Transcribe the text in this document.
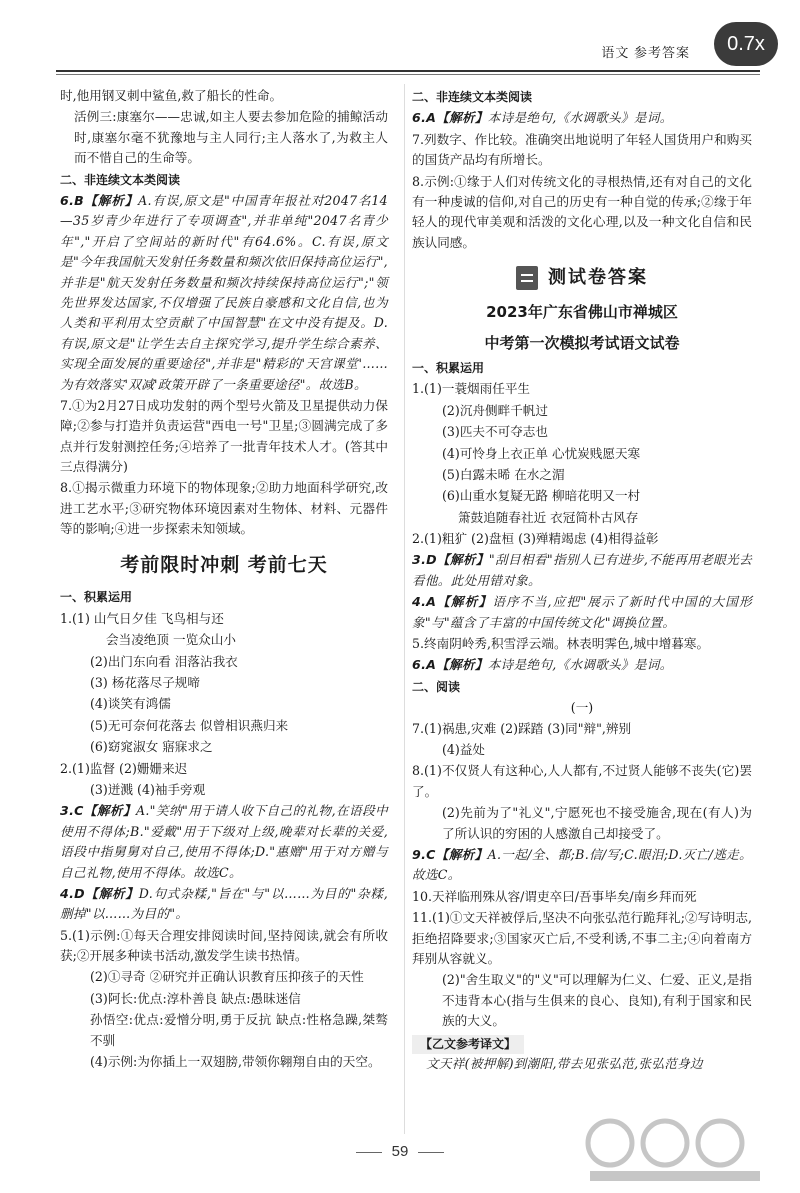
语文 参考答案	0.7x

时,他用钢叉刺中鲨鱼,救了船长的性命。

活例三:康塞尔——忠诚,如主人要去参加危险的捕鲸活动时,康塞尔毫不犹豫地与主人同行;主人落水了,为救主人而不惜自己的生命等。

二、非连续文本类阅读

6.B【解析】A.有误,原文是"中国青年报社对2047名14—35岁青少年进行了专项调查",并非单纯"2047名青少年","开启了空间站的新时代"有64.6%。C.有误,原文是"今年我国航天发射任务数量和频次依旧保持高位运行",并非是"航天发射任务数量和频次持续保持高位运行";"领先世界发达国家,不仅增强了民族自豪感和文化自信,也为人类和平利用太空贡献了中国智慧"在文中没有提及。D.有误,原文是"让学生去自主探究学习,提升学生综合素养、实现全面发展的重要途径",并非是"精彩的'天宫课堂'……为有效落实'双减'政策开辟了一条重要途径"。故选B。

7.①为2月27日成功发射的两个型号火箭及卫星提供动力保障;②参与打造并负责运营"西电一号"卫星;③圆满完成了多点并行发射测控任务;④培养了一批青年技术人才。(答其中三点得满分)

8.①揭示微重力环境下的物体现象;②助力地面科学研究,改进工艺水平;③研究物体环境因素对生物体、材料、元器件等的影响;④进一步探索未知领域。

考前限时冲刺 考前七天
一、积累运用

1.(1) 山气日夕佳 飞鸟相与还

会当凌绝顶 一览众山小

(2)出门东向看 泪落沾我衣

(3) 杨花落尽子规啼

(4)谈笑有鸿儒

(5)无可奈何花落去 似曾相识燕归来

(6)窈窕淑女 寤寐求之

2.(1)监督 (2)姗姗来迟

(3)迸溅 (4)袖手旁观

3.C【解析】A."笑纳"用于请人收下自己的礼物,在语段中使用不得体;B."爱戴"用于下级对上级,晚辈对长辈的关爱,语段中指舅舅对自己,使用不得体;D."惠赠"用于对方赠与自己礼物,使用不得体。故选C。

4.D【解析】D.句式杂糅,"旨在"与"以……为目的"杂糅,删掉"以……为目的"。

5.(1)示例:①每天合理安排阅读时间,坚持阅读,就会有所收获;②开展多种读书活动,激发学生读书热情。

(2)①寻奇 ②研究并正确认识教育压抑孩子的天性

(3)阿长:优点:淳朴善良 缺点:愚昧迷信

孙悟空:优点:爱憎分明,勇于反抗 缺点:性格急躁,桀骜不驯

(4)示例:为你插上一双翅膀,带领你翱翔自由的天空。

二、非连续文本类阅读

6.A【解析】本诗是绝句,《水调歌头》是词。

7.列数字、作比较。准确突出地说明了年轻人国货用户和购买的国货产品均有所增长。

8.示例:①缘于人们对传统文化的寻根热情,还有对自己的文化有一种虔诚的信仰,对自己的历史有一种自觉的传承;②缘于年轻人的现代审美观和活泼的文化心理,以及一种文化自信和民族认同感。

测试卷答案
2023年广东省佛山市禅城区
中考第一次模拟考试语文试卷
一、积累运用

1.(1)一蓑烟雨任平生

(2)沉舟侧畔千帆过

(3)匹夫不可夺志也

(4)可怜身上衣正单 心忧炭贱愿天寒

(5)白露未晞 在水之湄

(6)山重水复疑无路 柳暗花明又一村

箫鼓追随春社近 衣冠简朴古风存

2.(1)粗犷 (2)盘桓 (3)殚精竭虑 (4)相得益彰

3.D【解析】"刮目相看"指别人已有进步,不能再用老眼光去看他。此处用错对象。

4.A【解析】语序不当,应把"展示了新时代中国的大国形象"与"蕴含了丰富的中国传统文化"调换位置。

5.终南阴岭秀,积雪浮云端。林表明霁色,城中增暮寒。

6.A【解析】本诗是绝句,《水调歌头》是词。

二、阅读
(一)

7.(1)祸患,灾难 (2)踩踏 (3)同"辩",辨别

(4)益处

8.(1)不仅贤人有这种心,人人都有,不过贤人能够不丧失(它)罢了。

(2)先前为了"礼义",宁愿死也不接受施舍,现在(有人)为了所认识的穷困的人感激自己却接受了。

9.C【解析】A.一起/全、都;B.信/写;C.眼泪;D.灭亡/逃走。故选C。

10.天祥临刑殊从容/谓吏卒曰/吾事毕矣/南乡拜而死

11.(1)①文天祥被俘后,坚决不向张弘范行跪拜礼;②写诗明志,拒绝招降要求;③国家灭亡后,不受利诱,不事二主;④向着南方拜别从容就义。

(2)"舍生取义"的"义"可以理解为仁义、仁爱、正义,是指不违背本心(指与生俱来的良心、良知),有利于国家和民族的大义。

【乙文参考译文】

文天祥(被押解)到潮阳,带去见张弘范,张弘范身边

59
